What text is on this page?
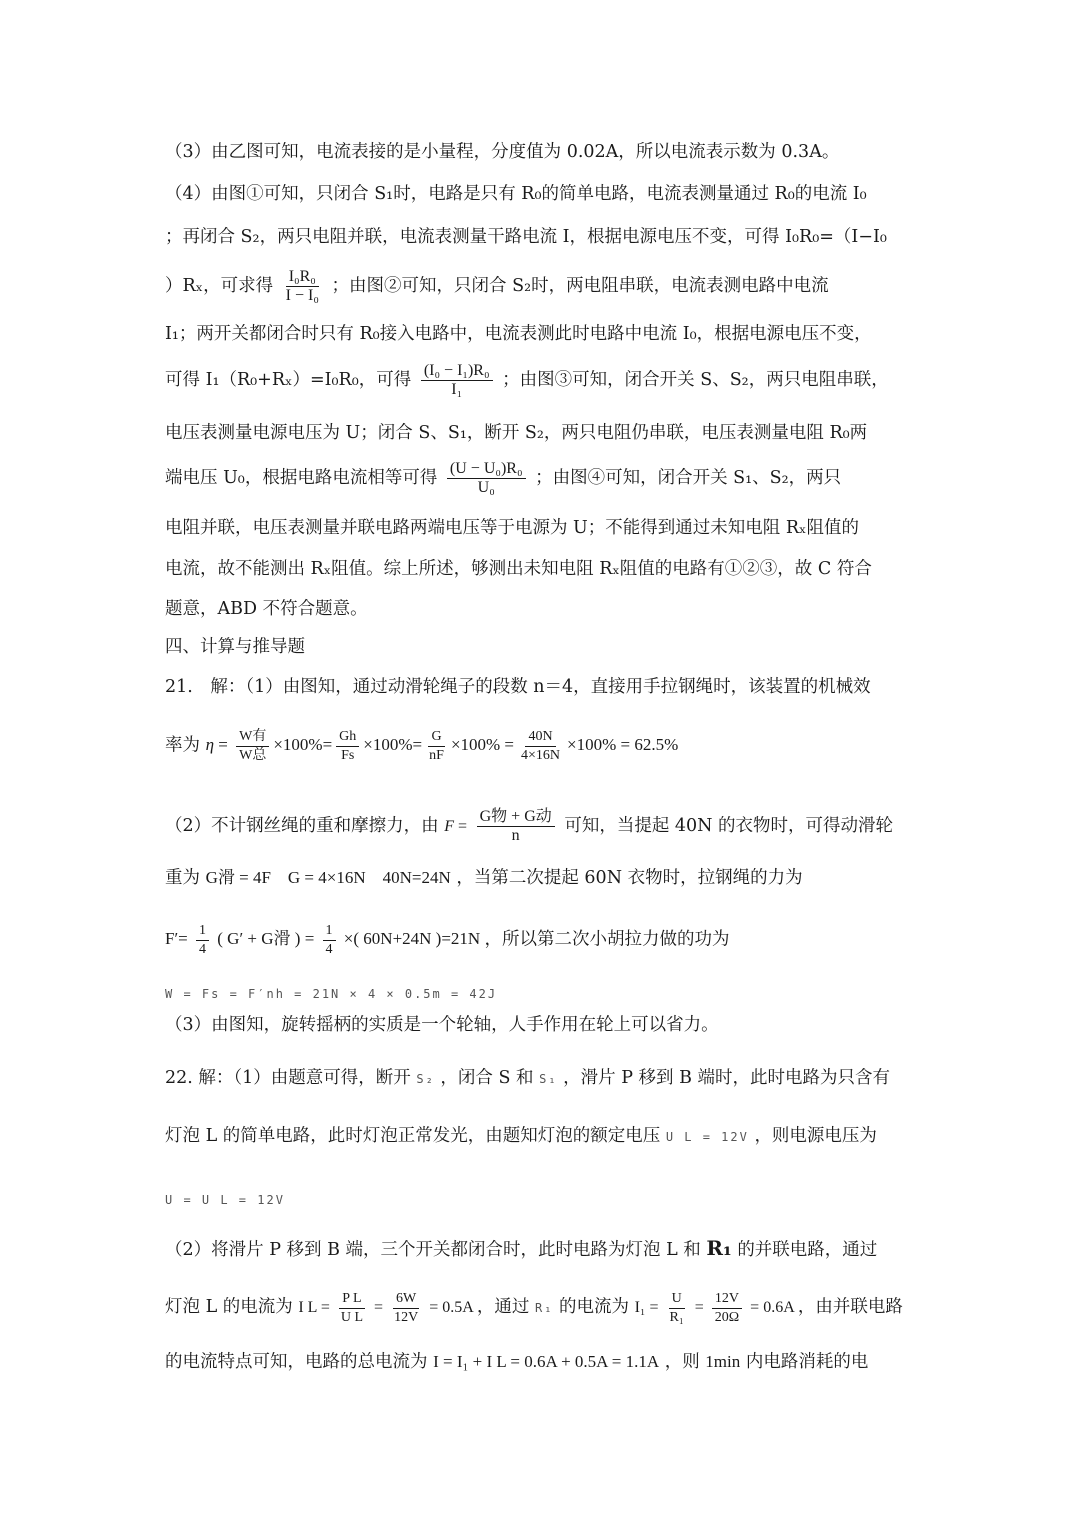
（3）由乙图可知，电流表接的是小量程，分度值为 0.02A，所以电流表示数为 0.3A。
（4）由图①可知，只闭合 S₁时，电路是只有 R₀的简单电路，电流表测量通过 R₀的电流 I₀
；再闭合 S₂，两只电阻并联，电流表测量干路电流 I，根据电源电压不变，可得 I₀R₀=（I−I₀
）Rₓ，可求得 $\frac{\text{I₀R₀}}{\text{I − I₀}}$ ；由图②可知，只闭合 S₂时，两电阻串联，电流表测电路中电流
I₁；两开关都闭合时只有 R₀接入电路中，电流表测此时电路中电流 I₀，根据电源电压不变，
可得 I₁（R₀+Rₓ）=I₀R₀，可得 $\frac{\text{(I₀ − I₁)R₀}}{\text{I₁}}$ ；由图③可知，闭合开关 S、S₂，两只电阻串联，
电压表测量电源电压为 U；闭合 S、S₁，断开 S₂，两只电阻仍串联，电压表测量电阻 R₀两
端电压 U₀，根据电路电流相等可得 $\frac{\text{(U − U₀)R₀}}{\text{U₀}}$ ；由图④可知，闭合开关 S₁、S₂，两只
电阻并联，电压表测量并联电路两端电压等于电源为 U；不能得到通过未知电阻 Rₓ阻值的
电流，故不能测出 Rₓ阻值。综上所述，够测出未知电阻 Rₓ阻值的电路有①②③，故 C 符合
题意，ABD 不符合题意。
四、计算与推导题
21.　解：（1）由图知，通过动滑轮绳子的段数 n＝4，直接用手拉钢绳时，该装置的机械效
率为 $\eta = \frac{\text{W有}}{\text{W总}} \times 100\%= \frac{Gh}{Fs} \times 100\%= \frac{G}{nF} \times 100\% = \frac{40N}{4\times 16N} \times 100\% = 62.5\%$
（2）不计钢丝绳的重和摩擦力，由 $F = \frac{\text{G物 + G动}}{n}$ 可知，当提起 40N 的衣物时，可得动滑轮
重为 G滑 = 4F　G = 4×16N　40N=24N ，当第二次提起 60N 衣物时，拉钢绳的力为
$F'= \frac{1}{4}$ ( G′ + G滑 ) = $\frac{1}{4}$ ×( 60N+24N )=21N ，所以第二次小胡拉力做的功为
W = Fs = F′nh = 21N × 4 × 0.5m = 42J
（3）由图知，旋转摇柄的实质是一个轮轴，人手作用在轮上可以省力。
22. 解：（1）由题意可得，断开 S₂ ，闭合 S 和 S₁ ，滑片 P 移到 B 端时，此时电路为只含有
灯泡 L 的简单电路，此时灯泡正常发光，由题知灯泡的额定电压 U L = 12V ，则电源电压为
U = U L = 12V
（2）将滑片 P 移到 B 端，三个开关都闭合时，此时电路为灯泡 L 和 R₁ 的并联电路，通过
灯泡 L 的电流为 I $L = \frac{\text{P L}}{\text{U L}} = \frac{6W}{12V} = 0.5A$ ，通过 R₁ 的电流为 $I_1 = \frac{U}{\text{R₁}} = \frac{12V}{20\Omega} = 0.6A$ ，由并联电路
的电流特点可知，电路的总电流为 I = I₁ + I L = 0.6A + 0.5A = 1.1A ，则 1min 内电路消耗的电
